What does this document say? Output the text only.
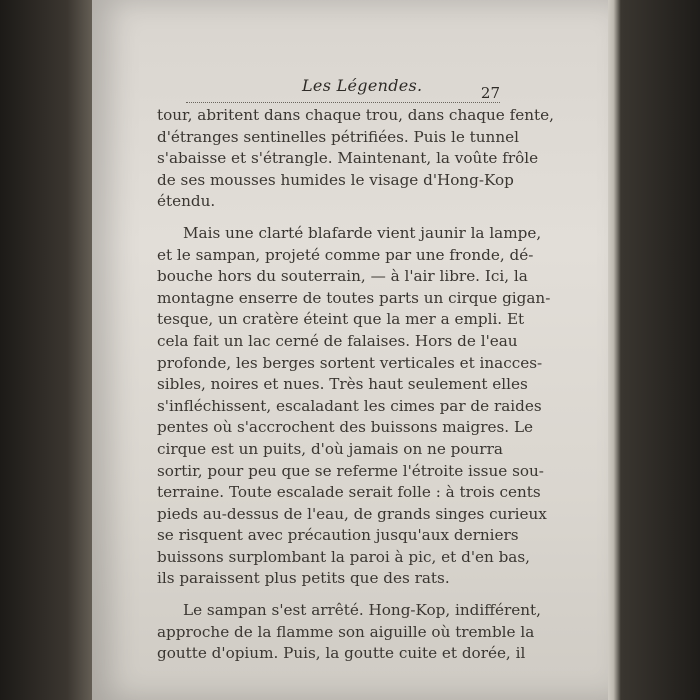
Les Légendes.	27

tour, abritent dans chaque trou, dans chaque fente,
d'étranges sentinelles pétrifiées. Puis le tunnel
s'abaisse et s'étrangle. Maintenant, la voûte frôle
de ses mousses humides le visage d'Hong-Kop
étendu.

Mais une clarté blafarde vient jaunir la lampe,
et le sampan, projeté comme par une fronde, dé-
bouche hors du souterrain, — à l'air libre. Ici, la
montagne enserre de toutes parts un cirque gigan-
tesque, un cratère éteint que la mer a empli. Et
cela fait un lac cerné de falaises. Hors de l'eau
profonde, les berges sortent verticales et inacces-
sibles, noires et nues. Très haut seulement elles
s'infléchissent, escaladant les cimes par de raides
pentes où s'accrochent des buissons maigres. Le
cirque est un puits, d'où jamais on ne pourra
sortir, pour peu que se referme l'étroite issue sou-
terraine. Toute escalade serait folle : à trois cents
pieds au-dessus de l'eau, de grands singes curieux
se risquent avec précaution jusqu'aux derniers
buissons surplombant la paroi à pic, et d'en bas,
ils paraissent plus petits que des rats.

Le sampan s'est arrêté. Hong-Kop, indifférent,
approche de la flamme son aiguille où tremble la
goutte d'opium. Puis, la goutte cuite et dorée, il
